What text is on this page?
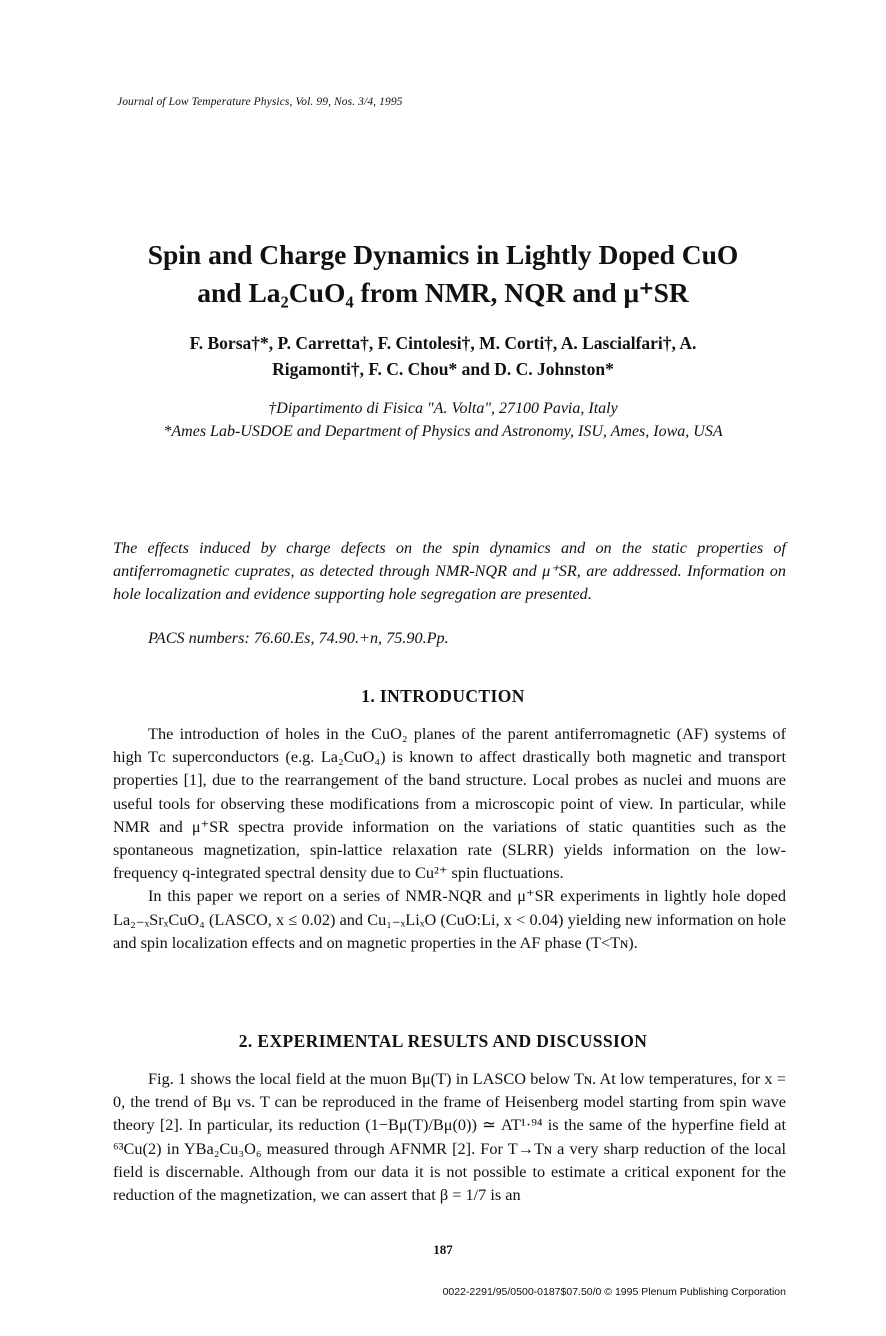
Journal of Low Temperature Physics, Vol. 99, Nos. 3/4, 1995
Spin and Charge Dynamics in Lightly Doped CuO
and La₂CuO₄ from NMR, NQR and μ⁺SR
F. Borsa†*, P. Carretta†, F. Cintolesi†, M. Corti†, A. Lascialfari†, A.
Rigamonti†, F. C. Chou* and D. C. Johnston*
†Dipartimento di Fisica "A. Volta", 27100 Pavia, Italy
*Ames Lab-USDOE and Department of Physics and Astronomy, ISU, Ames, Iowa, USA
The effects induced by charge defects on the spin dynamics and on the static properties of antiferromagnetic cuprates, as detected through NMR-NQR and μ⁺SR, are addressed. Information on hole localization and evidence supporting hole segregation are presented.
PACS numbers: 76.60.Es, 74.90.+n, 75.90.Pp.
1. INTRODUCTION

The introduction of holes in the CuO₂ planes of the parent antiferromagnetic (AF) systems of high Tᴄ superconductors (e.g. La₂CuO₄) is known to affect drastically both magnetic and transport properties [1], due to the rearrangement of the band structure. Local probes as nuclei and muons are useful tools for observing these modifications from a microscopic point of view. In particular, while NMR and μ⁺SR spectra provide information on the variations of static quantities such as the spontaneous magnetization, spin-lattice relaxation rate (SLRR) yields information on the low-frequency q-integrated spectral density due to Cu²⁺ spin fluctuations.

In this paper we report on a series of NMR-NQR and μ⁺SR experiments in lightly hole doped La₂₋ₓSrₓCuO₄ (LASCO, x ≤ 0.02) and Cu₁₋ₓLiₓO (CuO:Li, x < 0.04) yielding new information on hole and spin localization effects and on magnetic properties in the AF phase (T<Tɴ).

2. EXPERIMENTAL RESULTS AND DISCUSSION

Fig. 1 shows the local field at the muon Bμ(T) in LASCO below Tɴ. At low temperatures, for x = 0, the trend of Bμ vs. T can be reproduced in the frame of Heisenberg model starting from spin wave theory [2]. In particular, its reduction (1−Bμ(T)/Bμ(0)) ≃ AT¹·⁹⁴ is the same of the hyperfine field at ⁶³Cu(2) in YBa₂Cu₃O₆ measured through AFNMR [2]. For T→Tɴ a very sharp reduction of the local field is discernable. Although from our data it is not possible to estimate a critical exponent for the reduction of the magnetization, we can assert that β = 1/7 is an

187
0022-2291/95/0500-0187$07.50/0 © 1995 Plenum Publishing Corporation
